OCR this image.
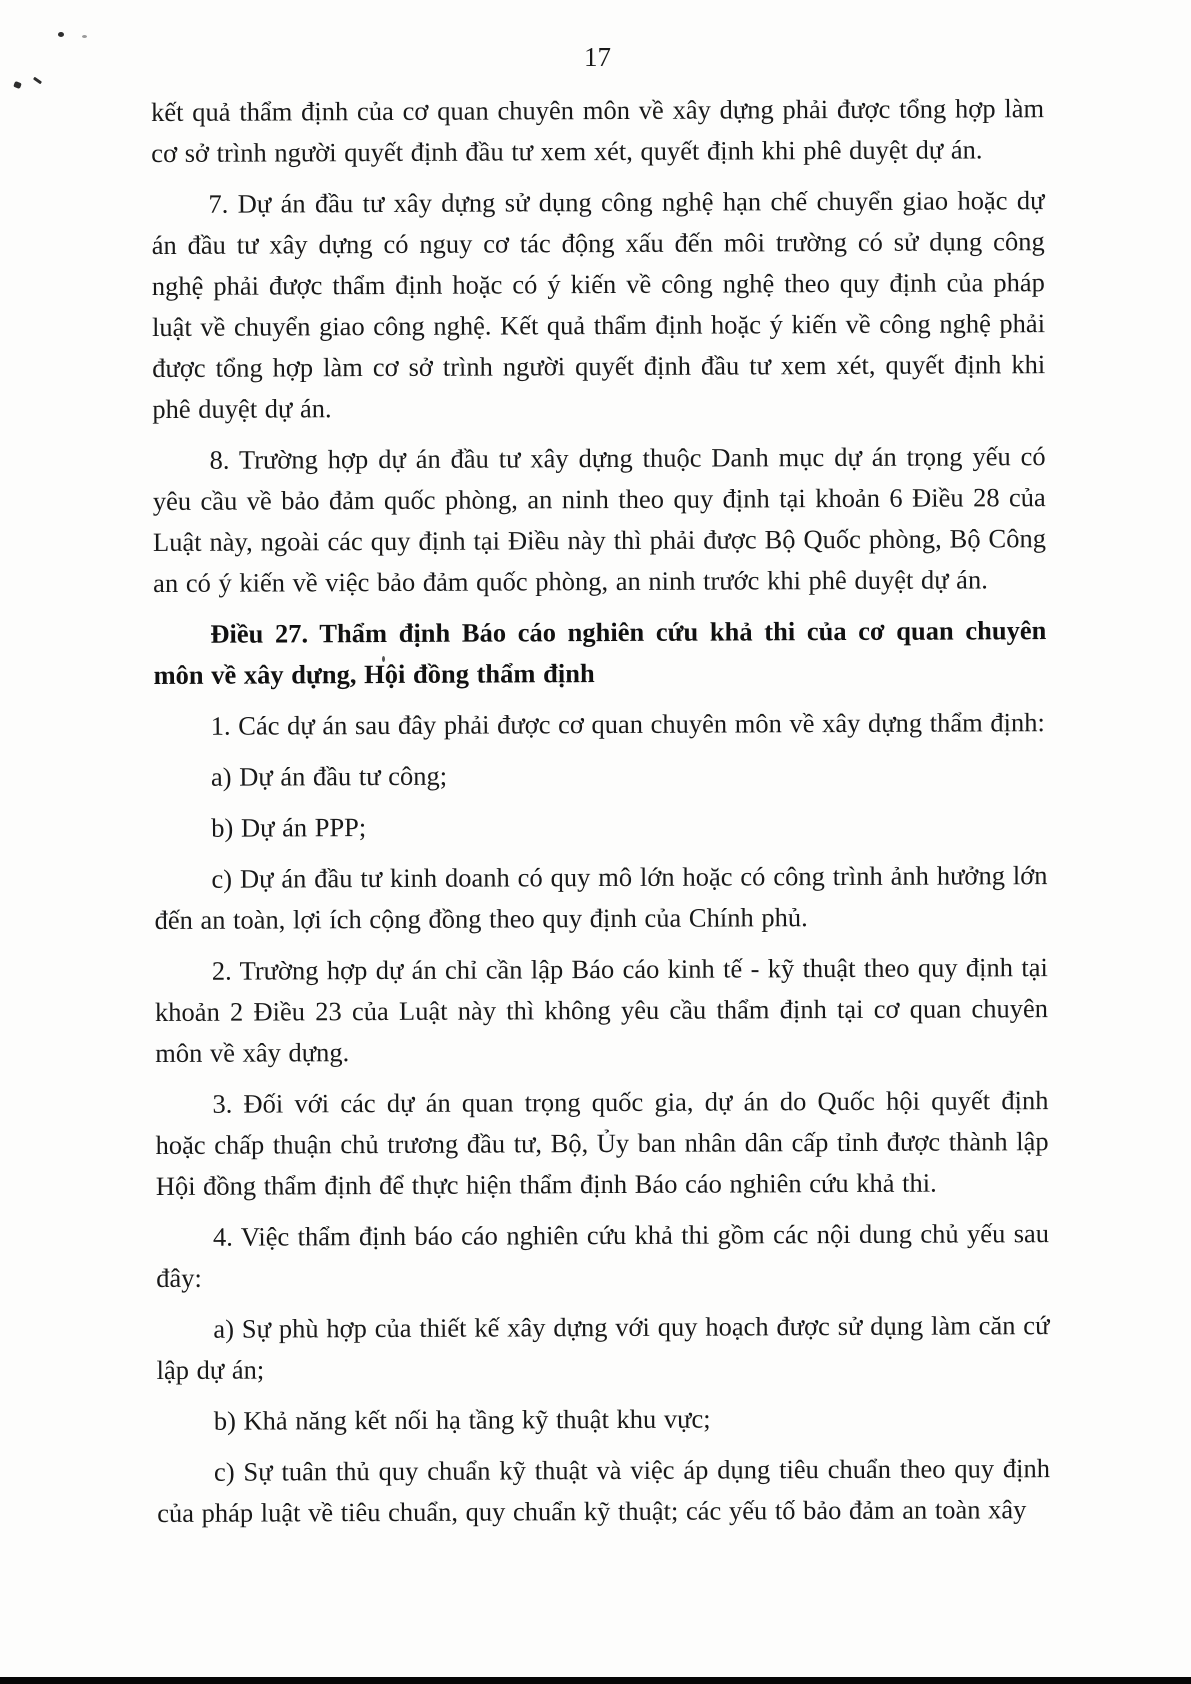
17

kết quả thẩm định của cơ quan chuyên môn về xây dựng phải được tổng hợp làm cơ sở trình người quyết định đầu tư xem xét, quyết định khi phê duyệt dự án.

7. Dự án đầu tư xây dựng sử dụng công nghệ hạn chế chuyển giao hoặc dự án đầu tư xây dựng có nguy cơ tác động xấu đến môi trường có sử dụng công nghệ phải được thẩm định hoặc có ý kiến về công nghệ theo quy định của pháp luật về chuyển giao công nghệ. Kết quả thẩm định hoặc ý kiến về công nghệ phải được tổng hợp làm cơ sở trình người quyết định đầu tư xem xét, quyết định khi phê duyệt dự án.

8. Trường hợp dự án đầu tư xây dựng thuộc Danh mục dự án trọng yếu có yêu cầu về bảo đảm quốc phòng, an ninh theo quy định tại khoản 6 Điều 28 của Luật này, ngoài các quy định tại Điều này thì phải được Bộ Quốc phòng, Bộ Công an có ý kiến về việc bảo đảm quốc phòng, an ninh trước khi phê duyệt dự án.

Điều 27. Thẩm định Báo cáo nghiên cứu khả thi của cơ quan chuyên môn về xây dựng, Hội đồng thẩm định

1. Các dự án sau đây phải được cơ quan chuyên môn về xây dựng thẩm định:

a) Dự án đầu tư công;

b) Dự án PPP;

c) Dự án đầu tư kinh doanh có quy mô lớn hoặc có công trình ảnh hưởng lớn đến an toàn, lợi ích cộng đồng theo quy định của Chính phủ.

2. Trường hợp dự án chỉ cần lập Báo cáo kinh tế - kỹ thuật theo quy định tại khoản 2 Điều 23 của Luật này thì không yêu cầu thẩm định tại cơ quan chuyên môn về xây dựng.

3. Đối với các dự án quan trọng quốc gia, dự án do Quốc hội quyết định hoặc chấp thuận chủ trương đầu tư, Bộ, Ủy ban nhân dân cấp tỉnh được thành lập Hội đồng thẩm định để thực hiện thẩm định Báo cáo nghiên cứu khả thi.

4. Việc thẩm định báo cáo nghiên cứu khả thi gồm các nội dung chủ yếu sau đây:

a) Sự phù hợp của thiết kế xây dựng với quy hoạch được sử dụng làm căn cứ lập dự án;

b) Khả năng kết nối hạ tầng kỹ thuật khu vực;

c) Sự tuân thủ quy chuẩn kỹ thuật và việc áp dụng tiêu chuẩn theo quy định của pháp luật về tiêu chuẩn, quy chuẩn kỹ thuật; các yếu tố bảo đảm an toàn xây
